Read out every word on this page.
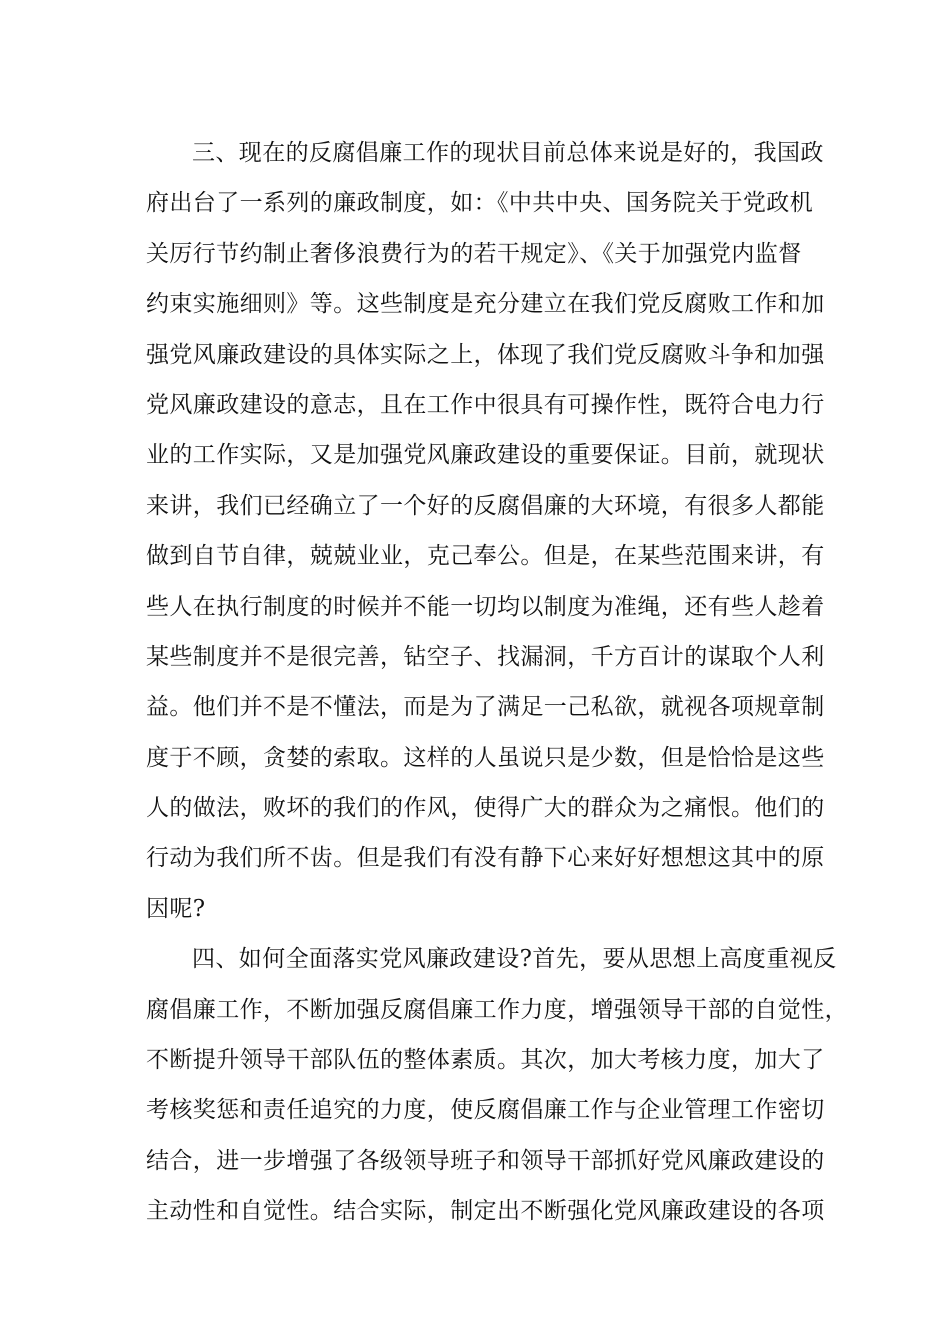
三、现在的反腐倡廉工作的现状目前总体来说是好的，我国政
府出台了一系列的廉政制度，如：《中共中央、国务院关于党政机
关厉行节约制止奢侈浪费行为的若干规定》、《关于加强党内监督
约束实施细则》等。这些制度是充分建立在我们党反腐败工作和加
强党风廉政建设的具体实际之上，体现了我们党反腐败斗争和加强
党风廉政建设的意志，且在工作中很具有可操作性，既符合电力行
业的工作实际，又是加强党风廉政建设的重要保证。目前，就现状
来讲，我们已经确立了一个好的反腐倡廉的大环境，有很多人都能
做到自节自律，兢兢业业，克己奉公。但是，在某些范围来讲，有
些人在执行制度的时候并不能一切均以制度为准绳，还有些人趁着
某些制度并不是很完善，钻空子、找漏洞，千方百计的谋取个人利
益。他们并不是不懂法，而是为了满足一己私欲，就视各项规章制
度于不顾，贪婪的索取。这样的人虽说只是少数，但是恰恰是这些
人的做法，败坏的我们的作风，使得广大的群众为之痛恨。他们的
行动为我们所不齿。但是我们有没有静下心来好好想想这其中的原
因呢?
四、如何全面落实党风廉政建设?首先，要从思想上高度重视反
腐倡廉工作，不断加强反腐倡廉工作力度，增强领导干部的自觉性，
不断提升领导干部队伍的整体素质。其次，加大考核力度，加大了
考核奖惩和责任追究的力度，使反腐倡廉工作与企业管理工作密切
结合，进一步增强了各级领导班子和领导干部抓好党风廉政建设的
主动性和自觉性。结合实际，制定出不断强化党风廉政建设的各项
